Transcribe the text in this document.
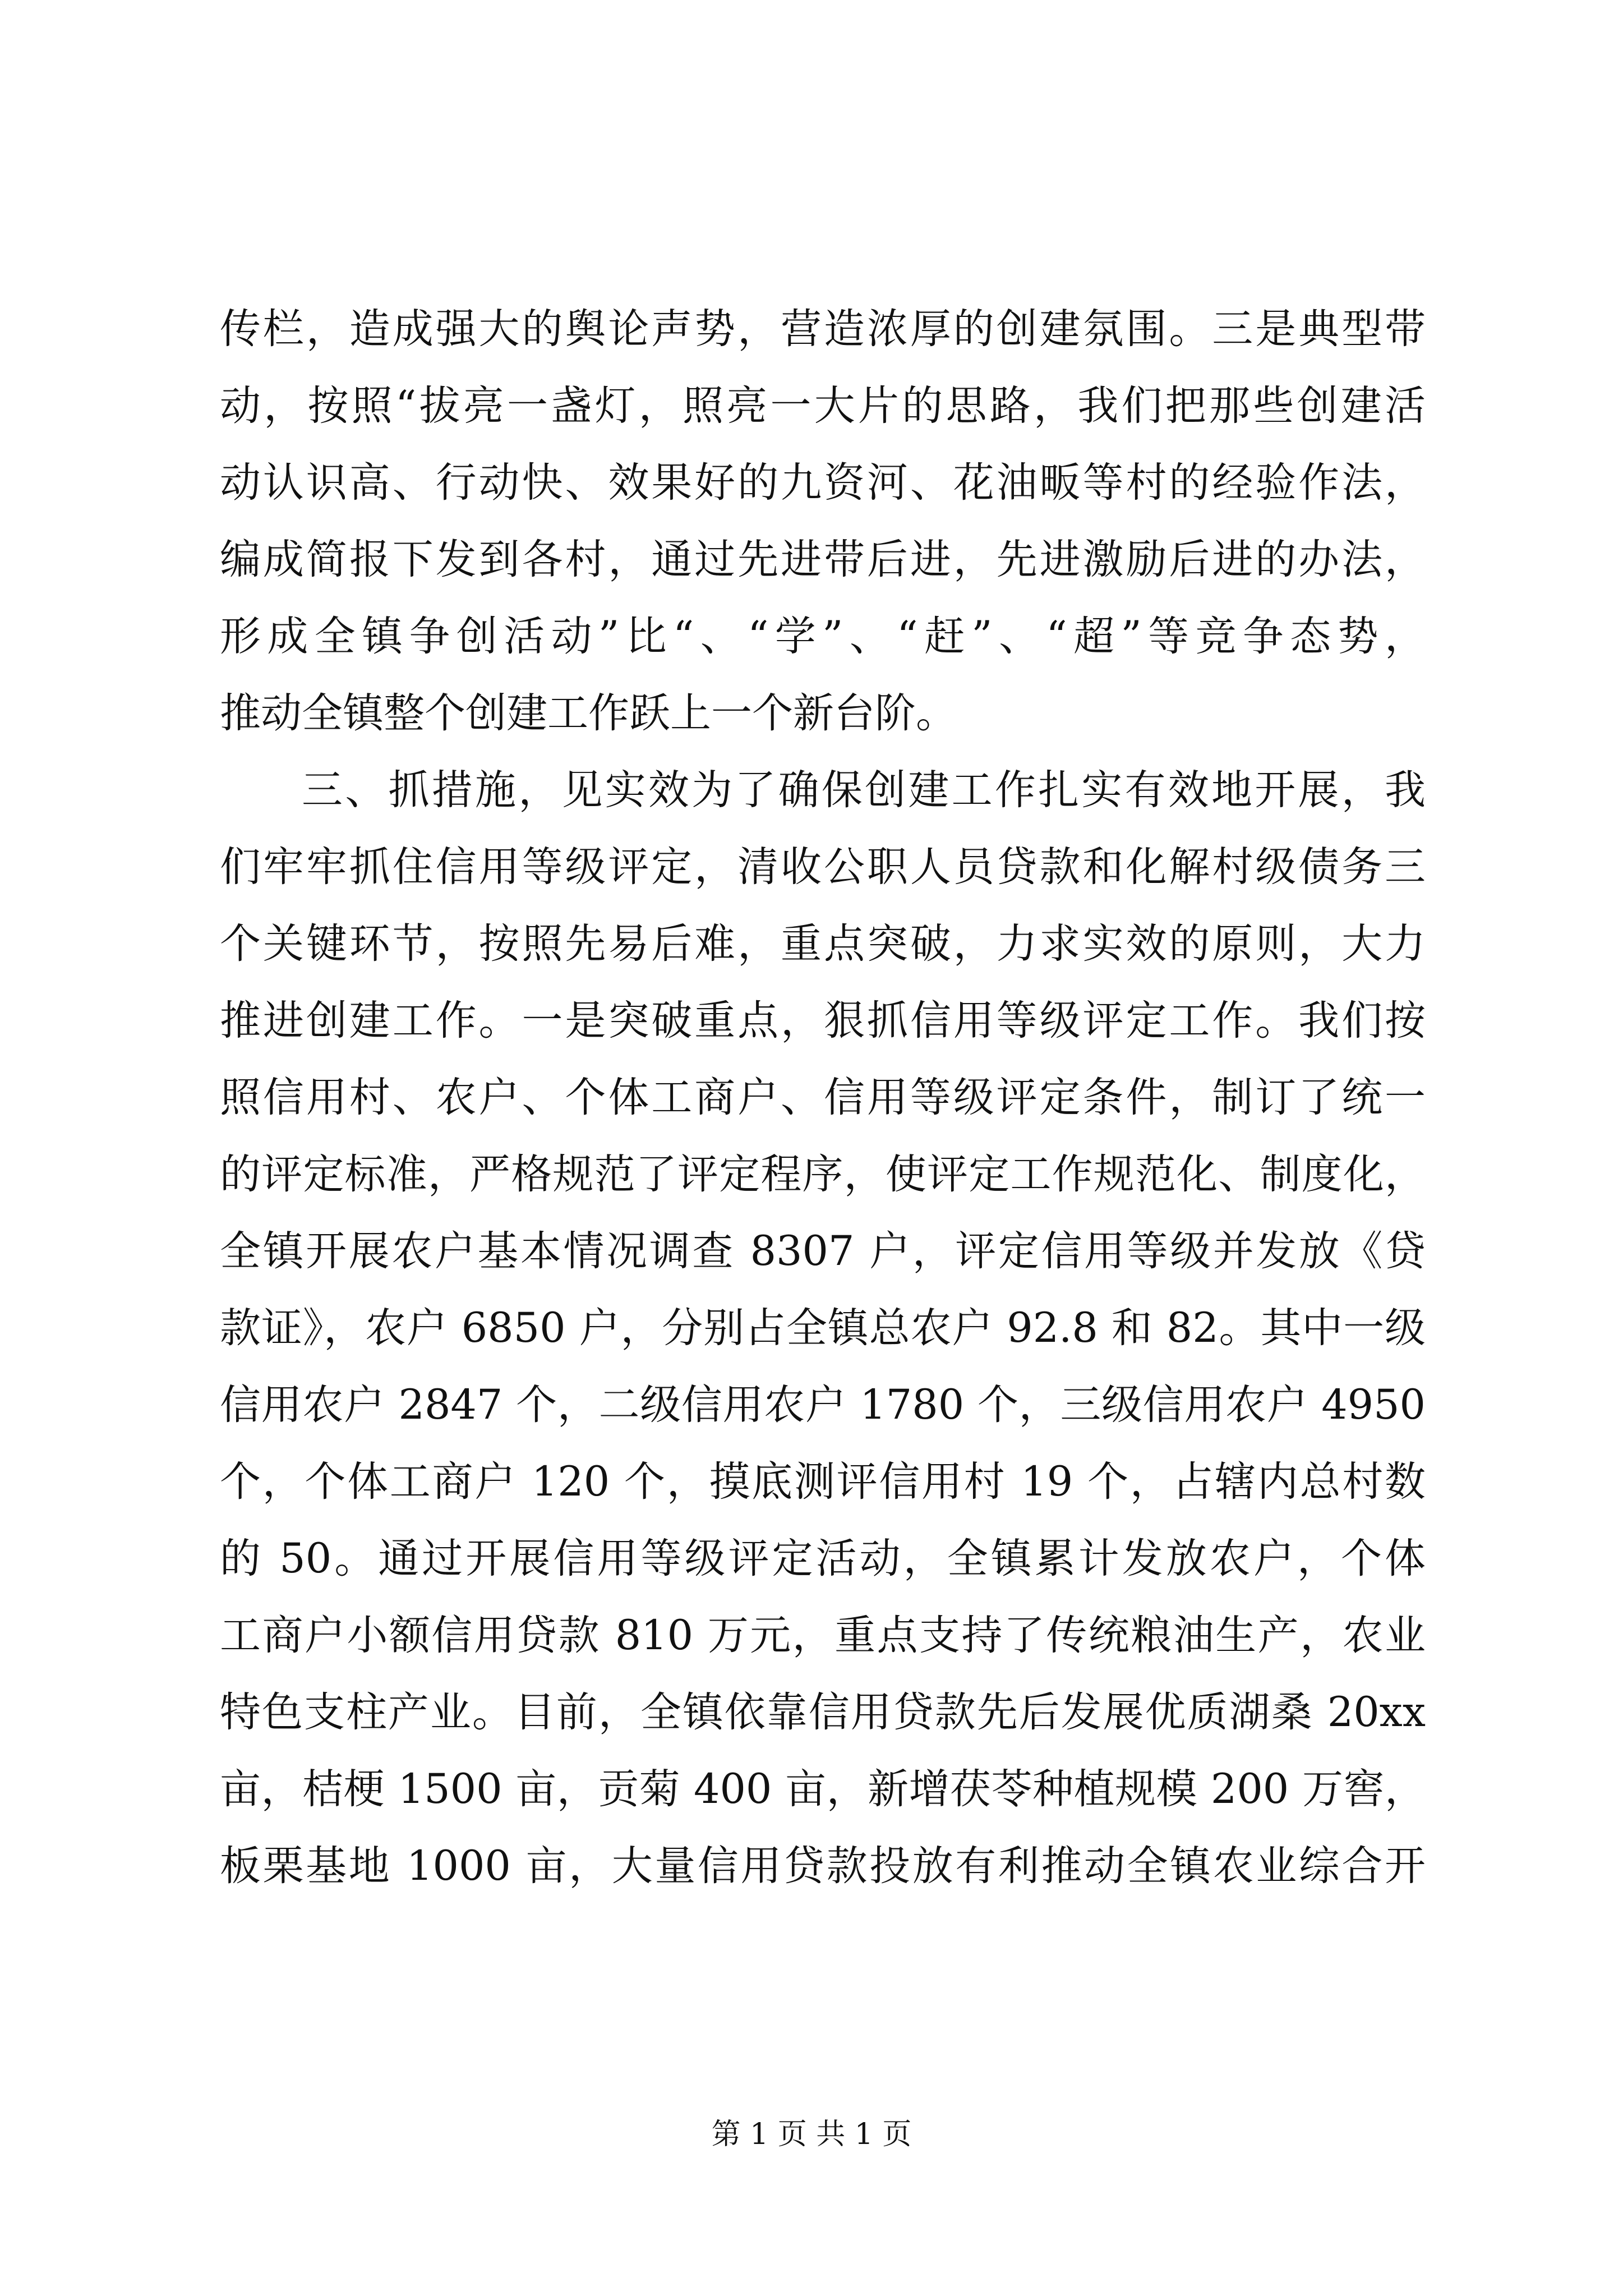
传栏，造成强大的舆论声势，营造浓厚的创建氛围。三是典型带
动，按照“拔亮一盏灯，照亮一大片的思路，我们把那些创建活
动认识高、行动快、效果好的九资河、花油畈等村的经验作法，
编成简报下发到各村，通过先进带后进，先进激励后进的办法，
形成全镇争创活动”比“、“学”、“赶”、“超”等竞争态势，
推动全镇整个创建工作跃上一个新台阶。
三、抓措施，见实效为了确保创建工作扎实有效地开展，我
们牢牢抓住信用等级评定，清收公职人员贷款和化解村级债务三
个关键环节，按照先易后难，重点突破，力求实效的原则，大力
推进创建工作。一是突破重点，狠抓信用等级评定工作。我们按
照信用村、农户、个体工商户、信用等级评定条件，制订了统一
的评定标准，严格规范了评定程序，使评定工作规范化、制度化，
全镇开展农户基本情况调查 8307 户，评定信用等级并发放《贷
款证》，农户 6850 户，分别占全镇总农户 92.8 和 82。其中一级
信用农户 2847 个，二级信用农户 1780 个，三级信用农户 4950
个，个体工商户 120 个，摸底测评信用村 19 个，占辖内总村数
的 50。通过开展信用等级评定活动，全镇累计发放农户，个体
工商户小额信用贷款 810 万元，重点支持了传统粮油生产，农业
特色支柱产业。目前，全镇依靠信用贷款先后发展优质湖桑 20xx
亩，桔梗 1500 亩，贡菊 400 亩，新增茯苓种植规模 200 万窖，
板栗基地 1000 亩，大量信用贷款投放有利推动全镇农业综合开
第 1 页 共 1 页
